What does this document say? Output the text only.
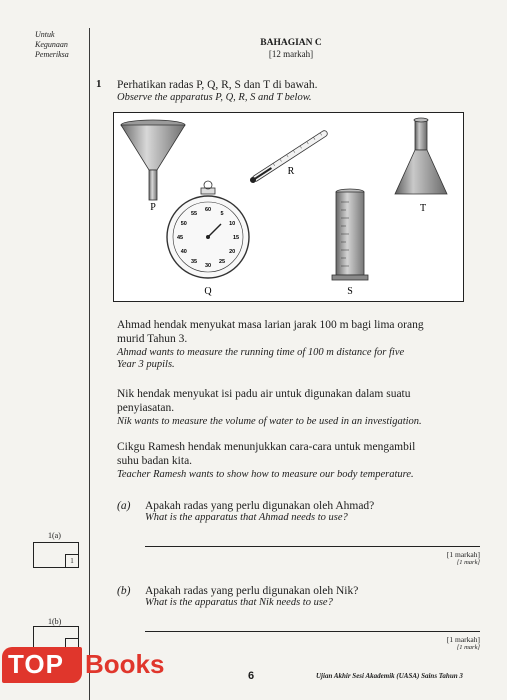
Untuk
Kegunaan
Pemeriksa
1(a)
1
1(b)
BAHAGIAN C
[12 markah]
1 Perhatikan radas P, Q, R, S dan T di bawah.
Observe the apparatus P, Q, R, S and T below.
P
R
T
60
5
10
15
20
25
30
35
40
45
50
55
Q	S
Ahmad hendak menyukat masa larian jarak 100 m bagi lima orang
murid Tahun 3.
Ahmad wants to measure the running time of 100 m distance for five
Year 3 pupils.
Nik hendak menyukat isi padu air untuk digunakan dalam suatu
penyiasatan.
Nik wants to measure the volume of water to be used in an investigation.
Cikgu Ramesh hendak menunjukkan cara-cara untuk mengambil
suhu badan kita.
Teacher Ramesh wants to show how to measure our body temperature.
(a) Apakah radas yang perlu digunakan oleh Ahmad?
What is the apparatus that Ahmad needs to use?
[1 markah]
[1 mark]
(b) Apakah radas yang perlu digunakan oleh Nik?
What is the apparatus that Nik needs to use?
[1 markah]
[1 mark]
6	Ujian Akhir Sesi Akademik (UASA) Sains Tahun 3
TOP Books
